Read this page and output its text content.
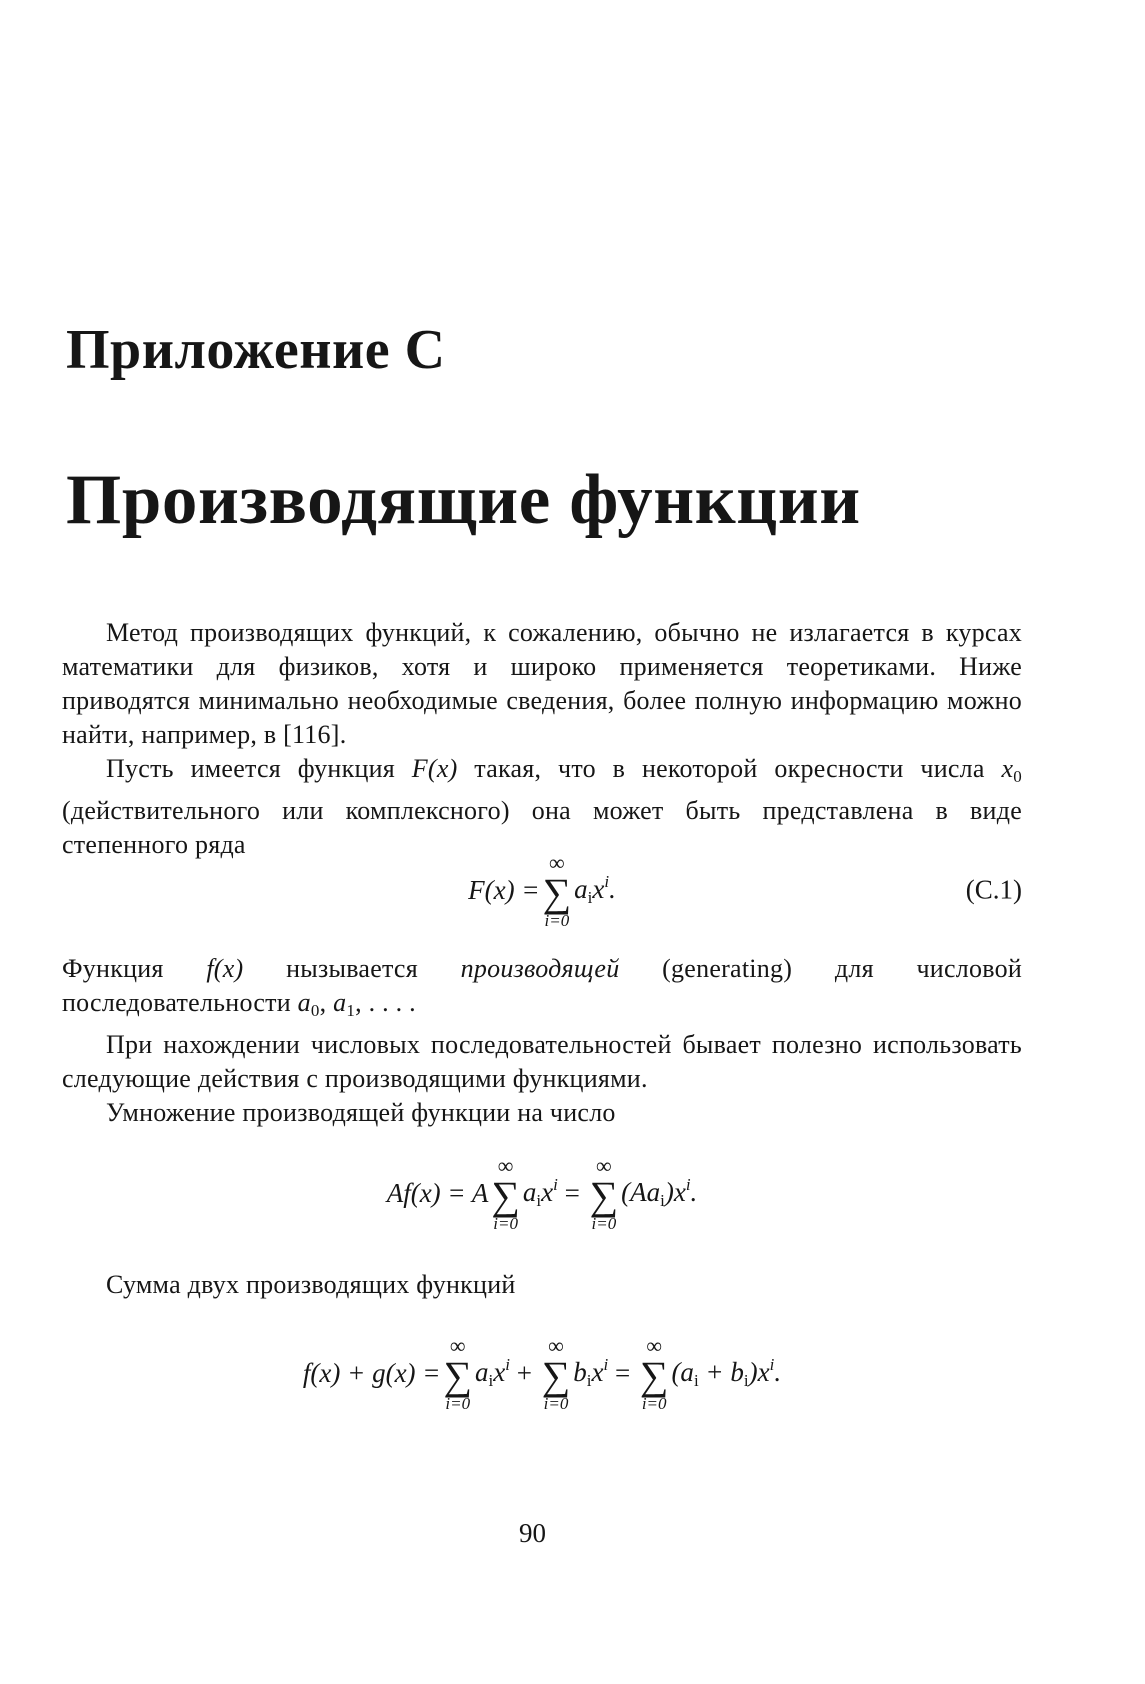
Приложение С
Производящие функции

Метод производящих функций, к сожалению, обычно не излагается в курсах математики для физиков, хотя и широко применяется теоретиками. Ниже приводятся минимально необходимые сведения, более полную информацию можно найти, например, в [116].

Пусть имеется функция F(x) такая, что в некоторой окресности числа $x_0$ (действительного или комплексного) она может быть представлена в виде степенного ряда

F(x) =
∞
∑
i=0
$a_ix^i$.	(C.1)

Функция f(x) нызывается производящей (generating) для числовой последовательности $a_0$, $a_1$, . . . .

При нахождении числовых последовательностей бывает полезно использовать следующие действия с производящими функциями.

Умножение производящей функции на число

Af(x) = A
∞
∑
i=0
$a_ix^i$ =
∞
∑
i=0
$(Aa_i)x^i$.

Сумма двух производящих функций

f(x) + g(x) =
∞
∑
i=0
$a_ix^i$ +
∞
∑
i=0
$b_ix^i$ =
∞
∑
i=0
$(a_i + b_i)x^i$.
90
